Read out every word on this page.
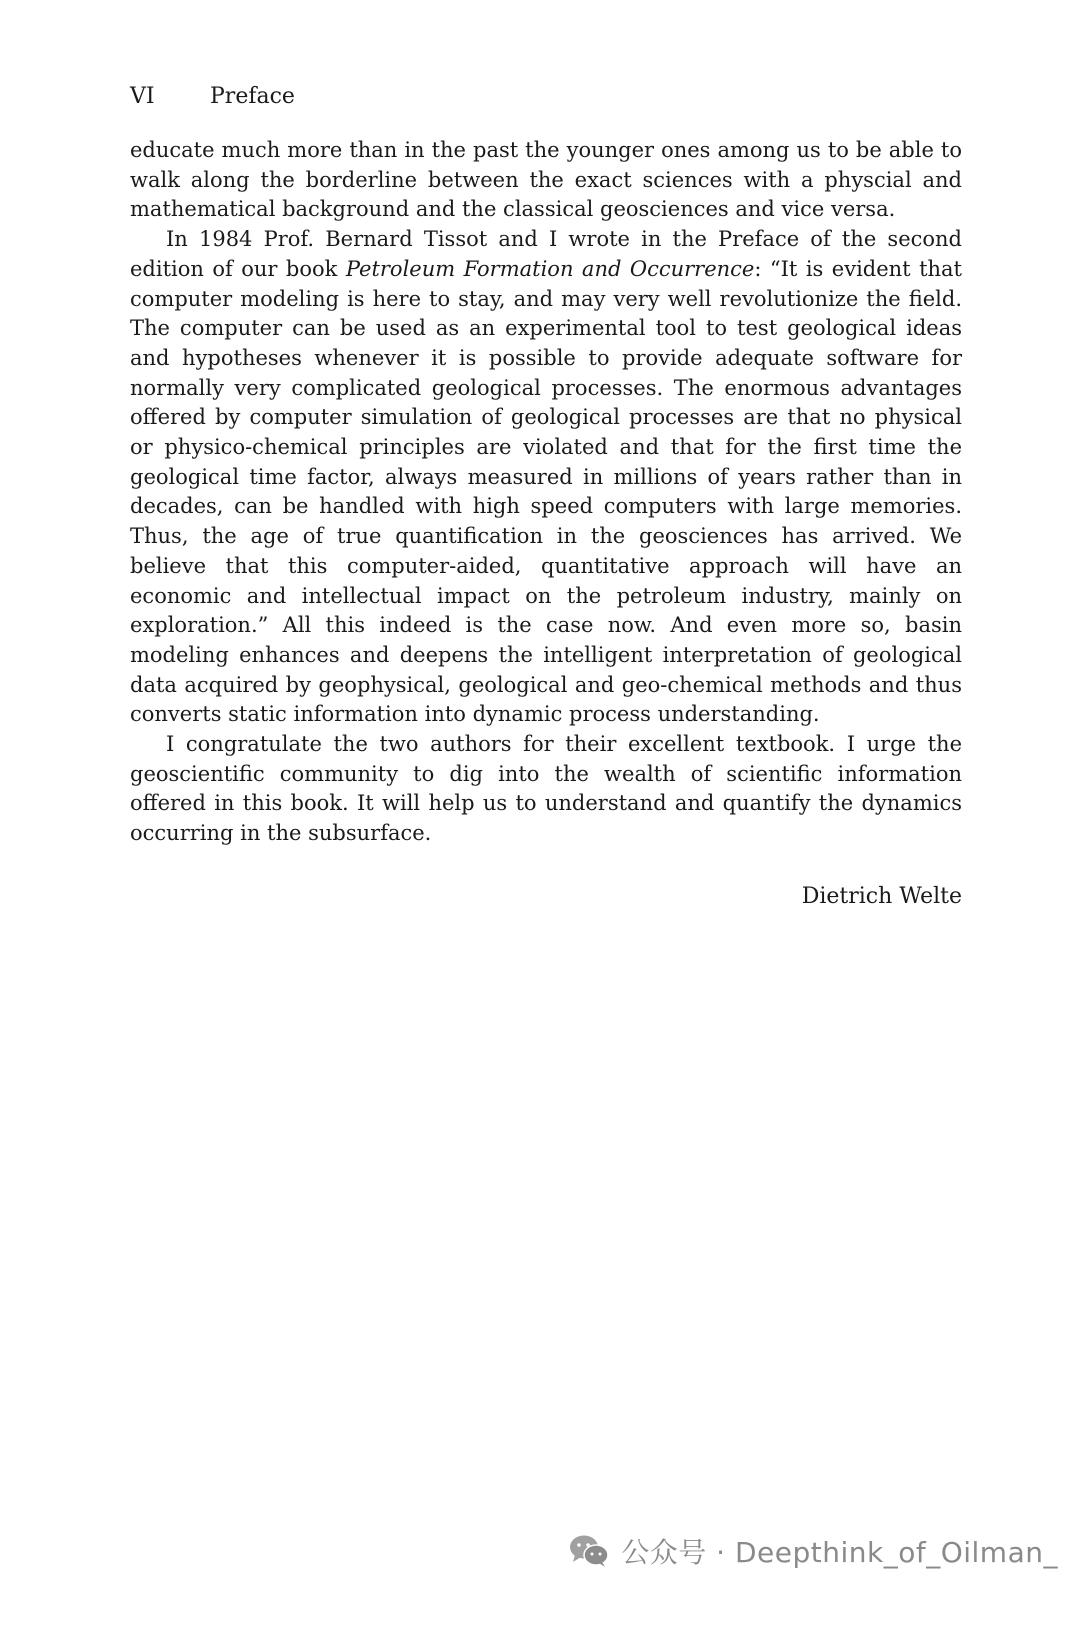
VI	Preface

educate much more than in the past the younger ones among us to be able to walk along the borderline between the exact sciences with a physcial and mathematical background and the classical geosciences and vice versa.

In 1984 Prof. Bernard Tissot and I wrote in the Preface of the second edition of our book Petroleum Formation and Occurrence: “It is evident that computer modeling is here to stay, and may very well revolutionize the field. The computer can be used as an experimental tool to test geological ideas and hypotheses whenever it is possible to provide adequate software for normally very complicated geological processes. The enormous advantages offered by computer simulation of geological processes are that no physical or physico-chemical principles are violated and that for the first time the geological time factor, always measured in millions of years rather than in decades, can be handled with high speed computers with large memories. Thus, the age of true quantification in the geosciences has arrived. We believe that this computer-aided, quantitative approach will have an economic and intellectual impact on the petroleum industry, mainly on exploration.” All this indeed is the case now. And even more so, basin modeling enhances and deepens the intelligent interpretation of geological data acquired by geophysical, geological and geo-chemical methods and thus converts static information into dynamic process understanding.

I congratulate the two authors for their excellent textbook. I urge the geoscientific community to dig into the wealth of scientific information offered in this book. It will help us to understand and quantify the dynamics occurring in the subsurface.

Dietrich Welte
公众号 · Deepthink_of_Oilman_
